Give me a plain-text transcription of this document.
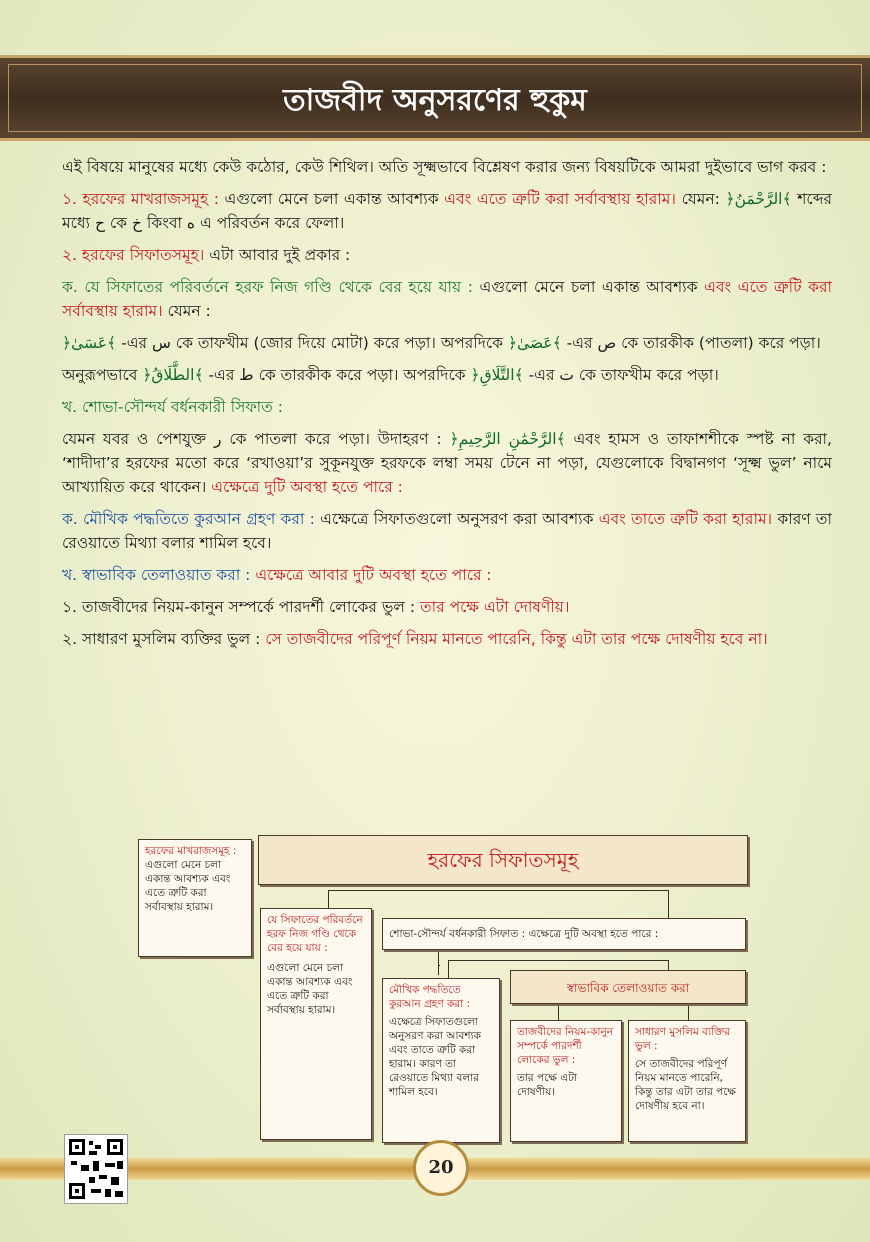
তাজবীদ অনুসরণের হুকুম

এই বিষয়ে মানুষের মধ্যে কেউ কঠোর, কেউ শিথিল। অতি সূক্ষ্মভাবে বিশ্লেষণ করার জন্য বিষয়টিকে আমরা দুইভাবে ভাগ করব :

১. হরফের মাখরাজসমূহ : এগুলো মেনে চলা একান্ত আবশ্যক এবং এতে ত্রুটি করা সর্বাবস্থায় হারাম। যেমন: ﴿الرَّحْمَنُ﴾ শব্দের মধ্যে ح কে خ কিংবা ه এ পরিবর্তন করে ফেলা।

২. হরফের সিফাতসমূহ। এটা আবার দুই প্রকার :

ক. যে সিফাতের পরিবর্তনে হরফ নিজ গণ্ডি থেকে বের হয়ে যায় : এগুলো মেনে চলা একান্ত আবশ্যক এবং এতে ত্রুটি করা সর্বাবস্থায় হারাম। যেমন :

﴿عَسَىٰ﴾ -এর س কে তাফখীম (জোর দিয়ে মোটা) করে পড়া। অপরদিকে ﴿عَصَىٰ﴾ -এর ص কে তারকীক (পাতলা) করে পড়া।

অনুরূপভাবে ﴿الطَّلَاقُ﴾ -এর ط কে তারকীক করে পড়া। অপরদিকে ﴿التَّلَاقِ﴾ -এর ت কে তাফখীম করে পড়া।

খ. শোভা-সৌন্দর্য বর্ধনকারী সিফাত :

যেমন যবর ও পেশযুক্ত ر কে পাতলা করে পড়া। উদাহরণ : ﴿الرَّحْمَٰنِ الرَّحِيمِ﴾ এবং হামস ও তাফাশশীকে স্পষ্ট না করা, ‘শাদীদা’র হরফের মতো করে ‘রখাওয়া’র সুকূনযুক্ত হরফকে লম্বা সময় টেনে না পড়া, যেগুলোকে বিদ্বানগণ ‘সূক্ষ্ম ভুল’ নামে আখ্যায়িত করে থাকেন। এক্ষেত্রে দুটি অবস্থা হতে পারে :

ক. মৌখিক পদ্ধতিতে কুরআন গ্রহণ করা : এক্ষেত্রে সিফাতগুলো অনুসরণ করা আবশ্যক এবং তাতে ত্রুটি করা হারাম। কারণ তা রেওয়াতে মিথ্যা বলার শামিল হবে।

খ. স্বাভাবিক তেলাওয়াত করা : এক্ষেত্রে আবার দুটি অবস্থা হতে পারে :

১. তাজবীদের নিয়ম-কানুন সম্পর্কে পারদর্শী লোকের ভুল : তার পক্ষে এটা দোষণীয়।

২. সাধারণ মুসলিম ব্যক্তির ভুল : সে তাজবীদের পরিপূর্ণ নিয়ম মানতে পারেনি, কিন্তু এটা তার পক্ষে দোষণীয় হবে না।

হরফের মাখরাজসমূহ :
এগুলো মেনে চলা একান্ত আবশ্যক এবং এতে ত্রুটি করা সর্বাবস্থায় হারাম।
হরফের সিফাতসমূহ
যে সিফাতের পরিবর্তনে হরফ নিজ গণ্ডি থেকে বের হয়ে যায় :
এগুলো মেনে চলা একান্ত আবশ্যক এবং এতে ত্রুটি করা সর্বাবস্থায় হারাম।
শোভা-সৌন্দর্য বর্ধনকারী সিফাত : এক্ষেত্রে দুটি অবস্থা হতে পারে :
মৌখিক পদ্ধতিতে কুরআন গ্রহণ করা :
এক্ষেত্রে সিফাতগুলো অনুসরণ করা আবশ্যক এবং তাতে ত্রুটি করা হারাম। কারণ তা রেওয়াতে মিথ্যা বলার শামিল হবে।
স্বাভাবিক তেলাওয়াত করা
তাজবীদের নিয়ম-কানুন সম্পর্কে পারদর্শী লোকের ভুল :
তার পক্ষে এটা দোষণীয়।
সাধারণ মুসলিম ব্যক্তির ভুল :
সে তাজবীদের পরিপূর্ণ নিয়ম মানতে পারেনি, কিন্তু তার এটা তার পক্ষে দোষণীয় হবে না।
20
